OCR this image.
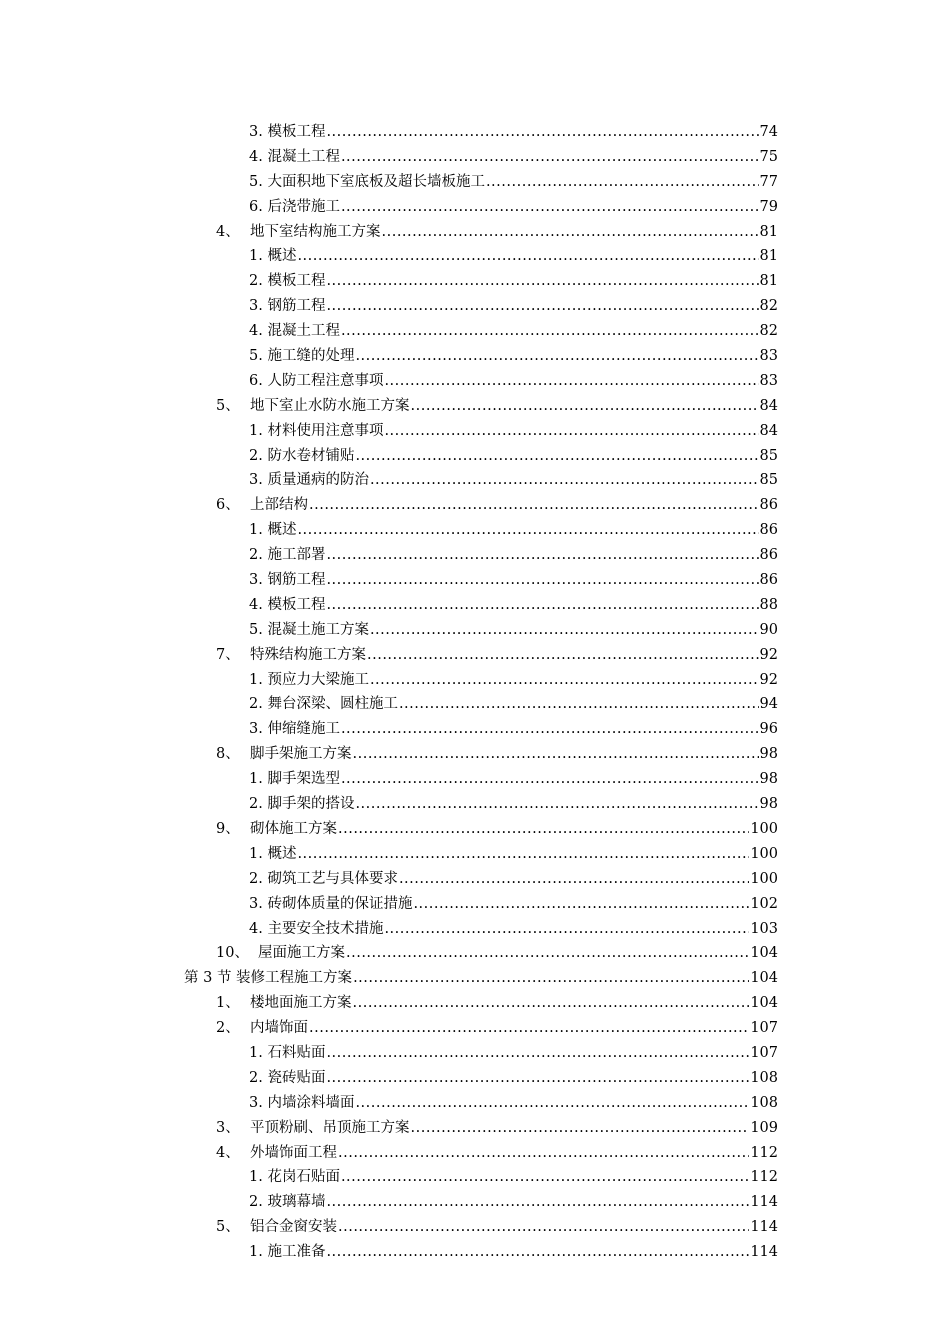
3. 模板工程 .....	74
4. 混凝土工程 .....	75
5. 大面积地下室底板及超长墙板施工 .....	77
6. 后浇带施工 .....	79
4、 地下室结构施工方案 .....	81
1. 概述 .....	81
2. 模板工程 .....	81
3. 钢筋工程 .....	82
4. 混凝土工程 .....	82
5. 施工缝的处理 .....	83
6. 人防工程注意事项 .....	83
5、 地下室止水防水施工方案 .....	84
1. 材料使用注意事项 .....	84
2. 防水卷材铺贴 .....	85
3. 质量通病的防治 .....	85
6、 上部结构 .....	86
1. 概述 .....	86
2. 施工部署 .....	86
3. 钢筋工程 .....	86
4. 模板工程 .....	88
5. 混凝土施工方案 .....	90
7、 特殊结构施工方案 .....	92
1. 预应力大梁施工 .....	92
2. 舞台深梁、圆柱施工 .....	94
3. 伸缩缝施工 .....	96
8、 脚手架施工方案 .....	98
1. 脚手架选型 .....	98
2. 脚手架的搭设 .....	98
9、 砌体施工方案 .....	100
1. 概述 .....	100
2. 砌筑工艺与具体要求 .....	100
3. 砖砌体质量的保证措施 .....	102
4. 主要安全技术措施 .....	103
10、 屋面施工方案 .....	104
第 3 节 装修工程施工方案 .....	104
1、 楼地面施工方案 .....	104
2、 内墙饰面 .....	107
1. 石料贴面 .....	107
2. 瓷砖贴面 .....	108
3. 内墙涂料墙面 .....	108
3、 平顶粉刷、吊顶施工方案 .....	109
4、 外墙饰面工程 .....	112
1. 花岗石贴面 .....	112
2. 玻璃幕墙 .....	114
5、 铝合金窗安装 .....	114
1. 施工准备 .....	114
